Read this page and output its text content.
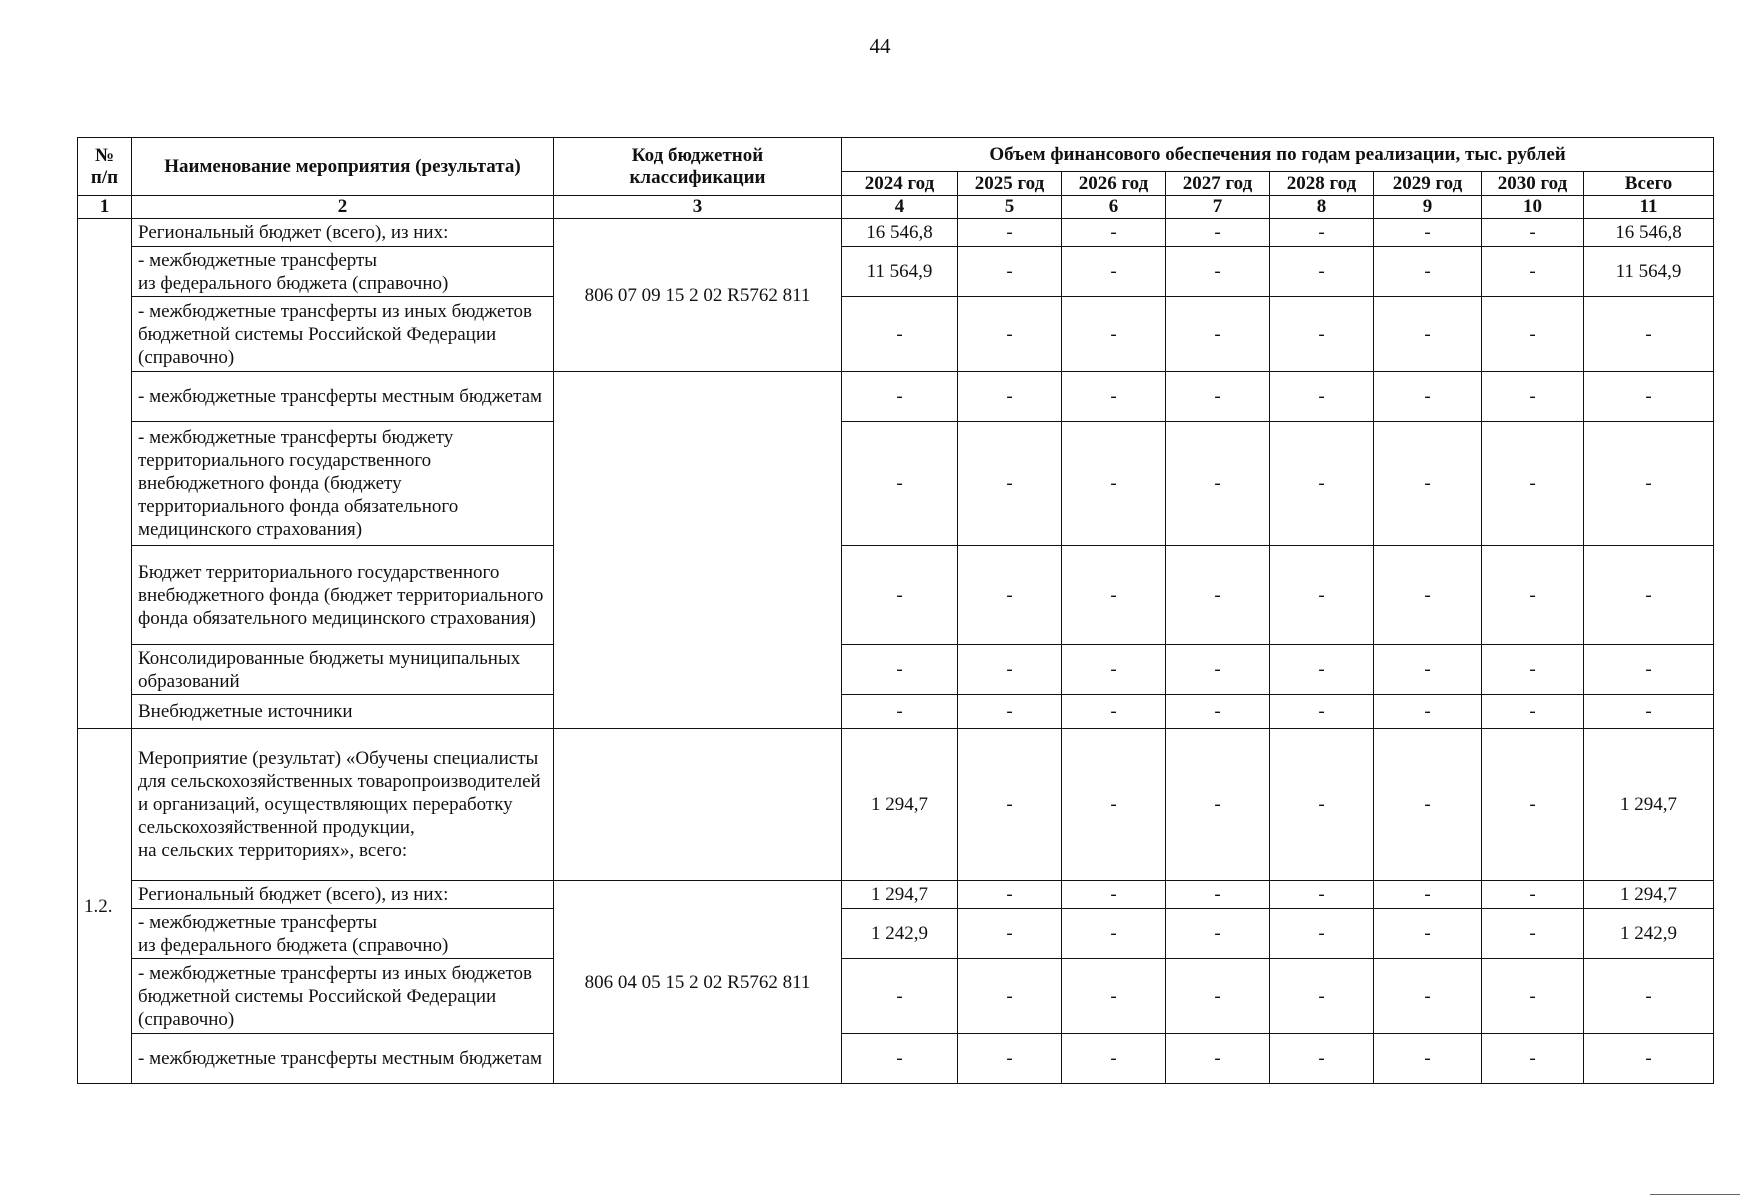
44
№
п/п	Наименование мероприятия (результата)	Код бюджетной
классификации	Объем финансового обеспечения по годам реализации, тыс. рублей							
			2024 год	2025 год	2026 год	2027 год	2028 год	2029 год	2030 год	Всего
1	2	3	4	5	6	7	8	9	10	11
	Региональный бюджет (всего), из них:	806 07 09 15 2 02 R5762 811	16 546,8	-	-	-	-	-	-	16 546,8
	- межбюджетные трансферты
из федерального бюджета (справочно)		11 564,9	-	-	-	-	-	-	11 564,9
	- межбюджетные трансферты из иных бюджетов бюджетной системы Российской Федерации (справочно)		-	-	-	-	-	-	-	-
	- межбюджетные трансферты местным бюджетам		-	-	-	-	-	-	-	-
	- межбюджетные трансферты бюджету территориального государственного внебюджетного фонда (бюджету территориального фонда обязательного медицинского страхования)		-	-	-	-	-	-	-	-
	Бюджет территориального государственного внебюджетного фонда (бюджет территориального фонда обязательного медицинского страхования)		-	-	-	-	-	-	-	-
	Консолидированные бюджеты муниципальных образований		-	-	-	-	-	-	-	-
	Внебюджетные источники		-	-	-	-	-	-	-	-
1.2.	Мероприятие (результат) «Обучены специалисты для сельскохозяйственных товаропроизводителей и организаций, осуществляющих переработку сельскохозяйственной продукции,
на сельских территориях», всего:		1 294,7	-	-	-	-	-	-	1 294,7
	Региональный бюджет (всего), из них:	806 04 05 15 2 02 R5762 811	1 294,7	-	-	-	-	-	-	1 294,7
	- межбюджетные трансферты
из федерального бюджета (справочно)		1 242,9	-	-	-	-	-	-	1 242,9
	- межбюджетные трансферты из иных бюджетов бюджетной системы Российской Федерации (справочно)		-	-	-	-	-	-	-	-
	- межбюджетные трансферты местным бюджетам		-	-	-	-	-	-	-	-
